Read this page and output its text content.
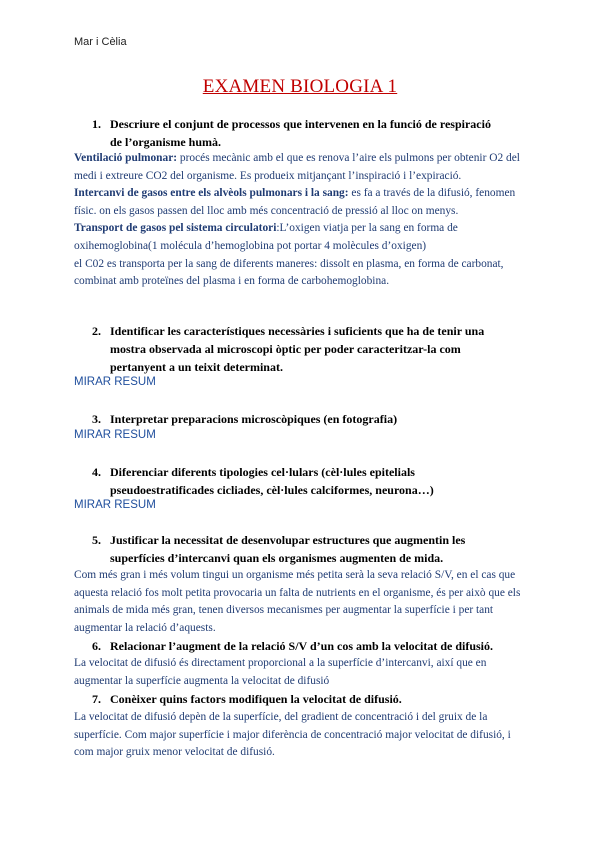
Mar i Cèlia
EXAMEN BIOLOGIA 1
1. Descriure el conjunt de processos que intervenen en la funció de respiració
de l’organisme humà.
Ventilació pulmonar: procés mecànic amb el que es renova l’aire els pulmons per obtenir O2 del medi i extreure CO2 del organisme. Es produeix mitjançant l’inspiració i l’expiració.
Intercanvi de gasos entre els alvèols pulmonars i la sang: es fa a través de la difusió, fenomen físic. on els gasos passen del lloc amb més concentració de pressió al lloc on menys.
Transport de gasos pel sistema circulatori:L’oxigen viatja per la sang en forma de oxihemoglobina(1 molécula d’hemoglobina pot portar 4 molècules d’oxigen)
el C02 es transporta per la sang de diferents maneres: dissolt en plasma, en forma de carbonat, combinat amb proteïnes del plasma i en forma de carbohemoglobina.
2. Identificar les característiques necessàries i suficients que ha de tenir una
mostra observada al microscopi òptic per poder caracteritzar-la com
pertanyent a un teixit determinat.
MIRAR RESUM
3. Interpretar preparacions microscòpiques (en fotografia)
MIRAR RESUM
4. Diferenciar diferents tipologies cel·lulars (cèl·lules epitelials
pseudoestratificades cicliades, cèl·lules calciformes, neurona…)
MIRAR RESUM
5. Justificar la necessitat de desenvolupar estructures que augmentin les
superfícies d’intercanvi quan els organismes augmenten de mida.
Com més gran i més volum tingui un organisme més petita serà la seva relació S/V, en el cas que aquesta relació fos molt petita provocaria un falta de nutrients en el organisme, és per això que els animals de mida més gran, tenen diversos mecanismes per augmentar la superfície i per tant augmentar la relació d’aquests.
6. Relacionar l’augment de la relació S/V d’un cos amb la velocitat de difusió.
La velocitat de difusió és directament proporcional a la superfície d’intercanvi, així que en augmentar la superfície augmenta la velocitat de difusió
7. Conèixer quins factors modifiquen la velocitat de difusió.
La velocitat de difusió depèn de la superfície, del gradient de concentració i del gruix de la superfície. Com major superfície i major diferència de concentració major velocitat de difusió, i com major gruix menor velocitat de difusió.
